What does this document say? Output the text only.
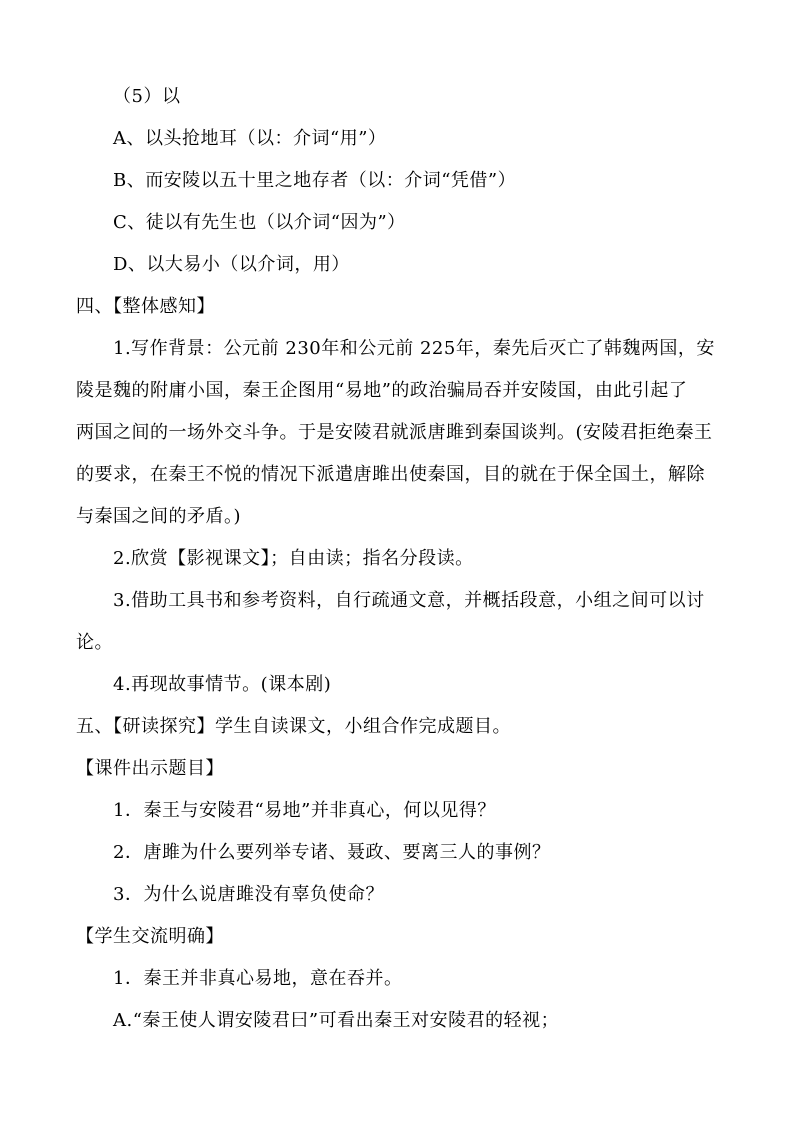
（5）以
A、以头抢地耳（以：介词“用”）
B、而安陵以五十里之地存者（以：介词“凭借”）
C、徒以有先生也（以介词“因为”）
D、以大易小（以介词，用）
四、【整体感知】
1.写作背景：公元前 230年和公元前 225年，秦先后灭亡了韩魏两国，安
陵是魏的附庸小国，秦王企图用“易地”的政治骗局吞并安陵国，由此引起了
两国之间的一场外交斗争。于是安陵君就派唐雎到秦国谈判。(安陵君拒绝秦王
的要求，在秦王不悦的情况下派遣唐雎出使秦国，目的就在于保全国土，解除
与秦国之间的矛盾。)
2.欣赏【影视课文】；自由读；指名分段读。
3.借助工具书和参考资料，自行疏通文意，并概括段意，小组之间可以讨
论。
4.再现故事情节。(课本剧)
五、【研读探究】学生自读课文，小组合作完成题目。
【课件出示题目】
1．秦王与安陵君“易地”并非真心，何以见得？
2．唐雎为什么要列举专诸、聂政、要离三人的事例？
3．为什么说唐雎没有辜负使命？
【学生交流明确】
1．秦王并非真心易地，意在吞并。
A.“秦王使人谓安陵君曰”可看出秦王对安陵君的轻视；
